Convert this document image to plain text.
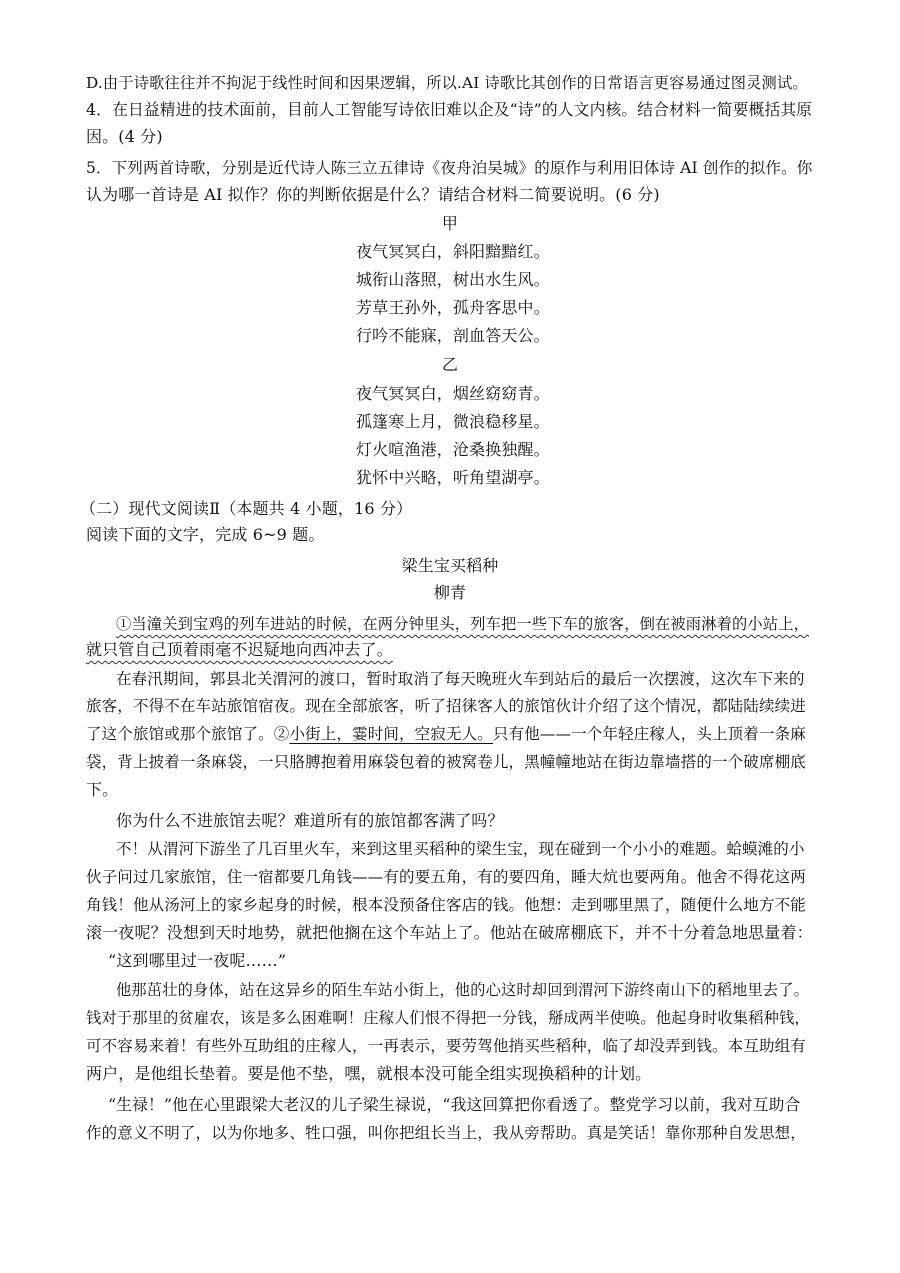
D.由于诗歌往往并不拘泥于线性时间和因果逻辑，所以.AI 诗歌比其创作的日常语言更容易通过图灵测试。
4．在日益精进的技术面前，目前人工智能写诗依旧难以企及“诗”的人文内核。结合材料一简要概括其原
因。(4 分)
5．下列两首诗歌，分别是近代诗人陈三立五律诗《夜舟泊吴城》的原作与利用旧体诗 AI 创作的拟作。你
认为哪一首诗是 AI 拟作？你的判断依据是什么？请结合材料二简要说明。(6 分)
甲
夜气冥冥白，斜阳黯黯红。
城衔山落照，树出水生风。
芳草王孙外，孤舟客思中。
行吟不能寐，剖血答天公。
乙
夜气冥冥白，烟丝窈窈青。
孤篷寒上月，微浪稳移星。
灯火喧渔港，沧桑换独醒。
犹怀中兴略，听角望湖亭。
（二）现代文阅读Ⅱ（本题共 4 小题，16 分）
阅读下面的文字，完成 6~9 题。
梁生宝买稻种
柳青
①当潼关到宝鸡的列车进站的时候，在两分钟里头，列车把一些下车的旅客，倒在被雨淋着的小站上，
就只管自己顶着雨毫不迟疑地向西冲去了。
在春汛期间，郭县北关渭河的渡口，暂时取消了每天晚班火车到站后的最后一次摆渡，这次车下来的
旅客，不得不在车站旅馆宿夜。现在全部旅客，听了招徕客人的旅馆伙计介绍了这个情况，都陆陆续续进
了这个旅馆或那个旅馆了。②小街上，霎时间，空寂无人。只有他——一个年轻庄稼人，头上顶着一条麻
袋，背上披着一条麻袋，一只胳膊抱着用麻袋包着的被窝卷儿，黑幢幢地站在街边靠墙搭的一个破席棚底
下。
你为什么不进旅馆去呢？难道所有的旅馆都客满了吗？
不！从渭河下游坐了几百里火车，来到这里买稻种的梁生宝，现在碰到一个小小的难题。蛤蟆滩的小
伙子问过几家旅馆，住一宿都要几角钱——有的要五角，有的要四角，睡大炕也要两角。他舍不得花这两
角钱！他从汤河上的家乡起身的时候，根本没预备住客店的钱。他想：走到哪里黑了，随便什么地方不能
滚一夜呢？没想到天时地势，就把他搁在这个车站上了。他站在破席棚底下，并不十分着急地思量着：
“这到哪里过一夜呢……”
他那茁壮的身体，站在这异乡的陌生车站小街上，他的心这时却回到渭河下游终南山下的稻地里去了。
钱对于那里的贫雇农，该是多么困难啊！庄稼人们恨不得把一分钱，掰成两半使唤。他起身时收集稻种钱，
可不容易来着！有些外互助组的庄稼人，一再表示，要劳驾他捎买些稻种，临了却没弄到钱。本互助组有
两户，是他组长垫着。要是他不垫，嘿，就根本没可能全组实现换稻种的计划。
“生禄！”他在心里跟梁大老汉的儿子梁生禄说，“我这回算把你看透了。整党学习以前，我对互助合
作的意义不明了，以为你地多、牲口强，叫你把组长当上，我从旁帮助。真是笑话！靠你那种自发思想，
